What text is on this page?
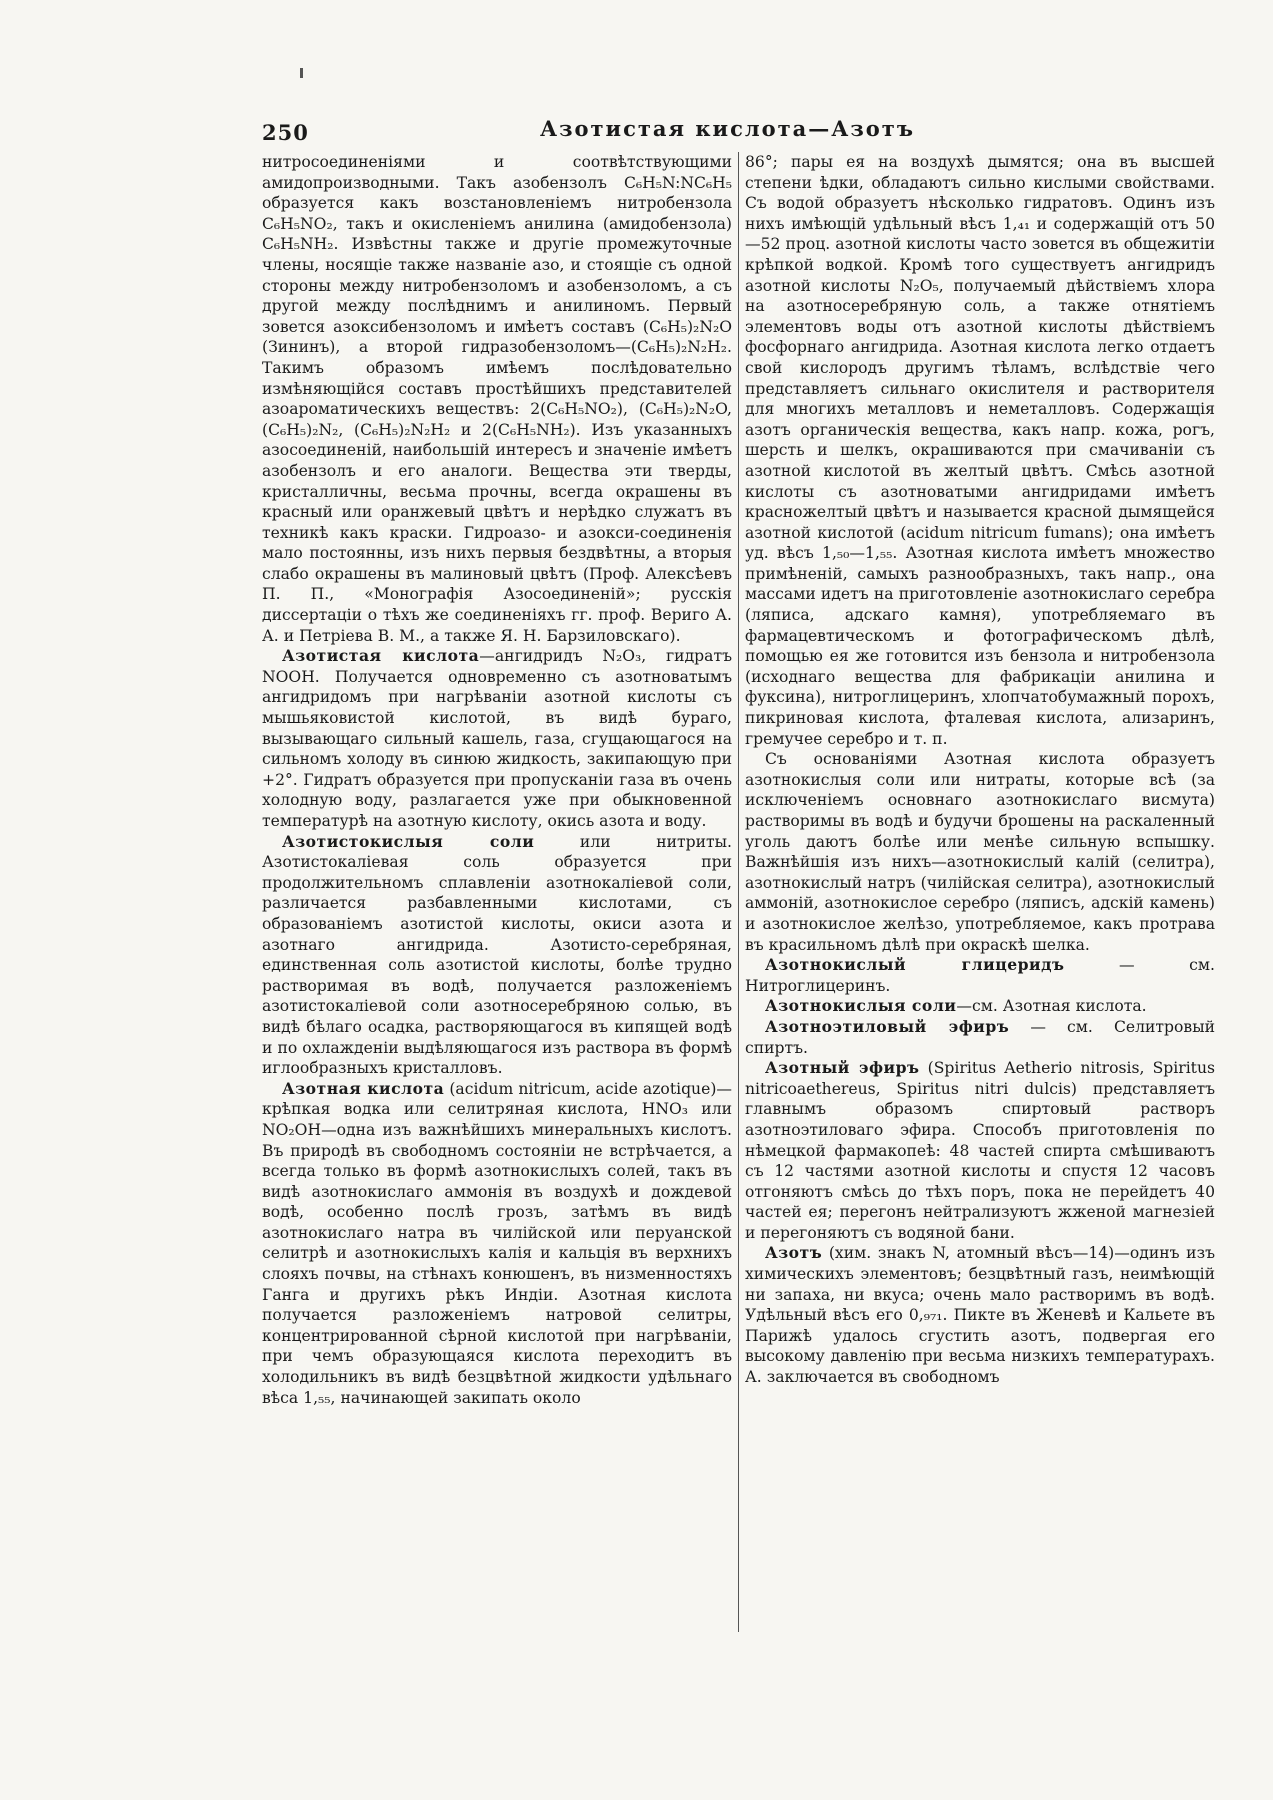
250	Азотистая кислота—Азотъ

нитросоединеніями и соотвѣтствующими амидопроизводными. Такъ азобензолъ C₆H₅N:NC₆H₅ образуется какъ возстановленіемъ нитробензола C₆H₅NO₂, такъ и окисленіемъ анилина (амидобензола) C₆H₅NH₂. Извѣстны также и другіе промежуточные члены, носящіе также названіе азо, и стоящіе съ одной стороны между нитробензоломъ и азобензоломъ, а съ другой между послѣднимъ и анилиномъ. Первый зовется азоксибензоломъ и имѣетъ составъ (C₆H₅)₂N₂O (Зининъ), а второй гидразобензоломъ—(C₆H₅)₂N₂H₂. Такимъ образомъ имѣемъ послѣдовательно измѣняющійся составъ простѣйшихъ представителей азоароматическихъ веществъ: 2(C₆H₅NO₂), (C₆H₅)₂N₂O, (C₆H₅)₂N₂, (C₆H₅)₂N₂H₂ и 2(C₆H₅NH₂). Изъ указанныхъ азосоединеній, наибольшій интересъ и значеніе имѣетъ азобензолъ и его аналоги. Вещества эти тверды, кристалличны, весьма прочны, всегда окрашены въ красный или оранжевый цвѣтъ и нерѣдко служатъ въ техникѣ какъ краски. Гидроазо- и азокси-соединенія мало постоянны, изъ нихъ первыя бездвѣтны, а вторыя слабо окрашены въ малиновый цвѣтъ (Проф. Алексѣевъ П. П., «Монографія Азосоединеній»; русскія диссертаціи о тѣхъ же соединеніяхъ гг. проф. Вериго А. А. и Петріева В. М., а также Я. Н. Барзиловскаго).

Азотистая кислота—ангидридъ N₂O₃, гидратъ NOOH. Получается одновременно съ азотноватымъ ангидридомъ при нагрѣваніи азотной кислоты съ мышьяковистой кислотой, въ видѣ бураго, вызывающаго сильный кашель, газа, сгущающагося на сильномъ холоду въ синюю жидкость, закипающую при +2°. Гидратъ образуется при пропусканіи газа въ очень холодную воду, разлагается уже при обыкновенной температурѣ на азотную кислоту, окись азота и воду.

Азотистокислыя соли или нитриты. Азотистокаліевая соль образуется при продолжительномъ сплавленіи азотнокаліевой соли, различается разбавленными кислотами, съ образованіемъ азотистой кислоты, окиси азота и азотнаго ангидрида. Азотисто-серебряная, единственная соль азотистой кислоты, болѣе трудно растворимая въ водѣ, получается разложеніемъ азотистокаліевой соли азотносеребряною солью, въ видѣ бѣлаго осадка, растворяющагося въ кипящей водѣ и по охлажденіи выдѣляющагося изъ раствора въ формѣ иглообразныхъ кристалловъ.

Азотная кислота (acidum nitricum, acide azotique)—крѣпкая водка или селитряная кислота, HNO₃ или NO₂OH—одна изъ важнѣйшихъ минеральныхъ кислотъ. Въ природѣ въ свободномъ состояніи не встрѣчается, а всегда только въ формѣ азотнокислыхъ солей, такъ въ видѣ азотнокислаго аммонія въ воздухѣ и дождевой водѣ, особенно послѣ грозъ, затѣмъ въ видѣ азотнокислаго натра въ чилійской или перуанской селитрѣ и азотнокислыхъ калія и кальція въ верхнихъ слояхъ почвы, на стѣнахъ конюшенъ, въ низменностяхъ Ганга и другихъ рѣкъ Индіи. Азотная кислота получается разложеніемъ натровой селитры, концентрированной сѣрной кислотой при нагрѣваніи, при чемъ образующаяся кислота переходитъ въ холодильникъ въ видѣ безцвѣтной жидкости удѣльнаго вѣса 1,₅₅, начинающей закипать около

86°; пары ея на воздухѣ дымятся; она въ высшей степени ѣдки, обладаютъ сильно кислыми свойствами. Съ водой образуетъ нѣсколько гидратовъ. Одинъ изъ нихъ имѣющій удѣльный вѣсъ 1,₄₁ и содержащій отъ 50—52 проц. азотной кислоты часто зовется въ общежитіи крѣпкой водкой. Кромѣ того существуетъ ангидридъ азотной кислоты N₂O₅, получаемый дѣйствіемъ хлора на азотносеребряную соль, а также отнятіемъ элементовъ воды отъ азотной кислоты дѣйствіемъ фосфорнаго ангидрида. Азотная кислота легко отдаетъ свой кислородъ другимъ тѣламъ, вслѣдствіе чего представляетъ сильнаго окислителя и растворителя для многихъ металловъ и неметалловъ. Содержащія азотъ органическія вещества, какъ напр. кожа, рогъ, шерсть и шелкъ, окрашиваются при смачиваніи съ азотной кислотой въ желтый цвѣтъ. Смѣсь азотной кислоты съ азотноватыми ангидридами имѣетъ красножелтый цвѣтъ и называется красной дымящейся азотной кислотой (acidum nitricum fumans); она имѣетъ уд. вѣсъ 1,₅₀—1,₅₅. Азотная кислота имѣетъ множество примѣненій, самыхъ разнообразныхъ, такъ напр., она массами идетъ на приготовленіе азотнокислаго серебра (ляписа, адскаго камня), употребляемаго въ фармацевтическомъ и фотографическомъ дѣлѣ, помощью ея же готовится изъ бензола и нитробензола (исходнаго вещества для фабрикаціи анилина и фуксина), нитроглицеринъ, хлопчатобумажный порохъ, пикриновая кислота, фталевая кислота, ализаринъ, гремучее серебро и т. п.

Съ основаніями Азотная кислота образуетъ азотнокислыя соли или нитраты, которые всѣ (за исключеніемъ основнаго азотнокислаго висмута) растворимы въ водѣ и будучи брошены на раскаленный уголь даютъ болѣе или менѣе сильную вспышку. Важнѣйшія изъ нихъ—азотнокислый калій (селитра), азотнокислый натръ (чилійская селитра), азотнокислый аммоній, азотнокислое серебро (ляписъ, адскій камень) и азотнокислое желѣзо, употребляемое, какъ протрава въ красильномъ дѣлѣ при окраскѣ шелка.

Азотнокислый глицеридъ — см. Нитроглицеринъ.

Азотнокислыя соли—см. Азотная кислота.

Азотноэтиловый эфиръ — см. Селитровый спиртъ.

Азотный эфиръ (Spiritus Aetherio nitrosis, Spiritus nitricoaethereus, Spiritus nitri dulcis) представляетъ главнымъ образомъ спиртовый растворъ азотноэтиловаго эфира. Способъ приготовленія по нѣмецкой фармакопеѣ: 48 частей спирта смѣшиваютъ съ 12 частями азотной кислоты и спустя 12 часовъ отгоняютъ смѣсь до тѣхъ поръ, пока не перейдетъ 40 частей ея; перегонъ нейтрализуютъ жженой магнезіей и перегоняютъ съ водяной бани.

Азотъ (хим. знакъ N, атомный вѣсъ—14)—одинъ изъ химическихъ элементовъ; безцвѣтный газъ, неимѣющій ни запаха, ни вкуса; очень мало растворимъ въ водѣ. Удѣльный вѣсъ его 0,₉₇₁. Пикте въ Женевѣ и Кальете въ Парижѣ удалось сгустить азотъ, подвергая его высокому давленію при весьма низкихъ температурахъ. А. заключается въ свободномъ
